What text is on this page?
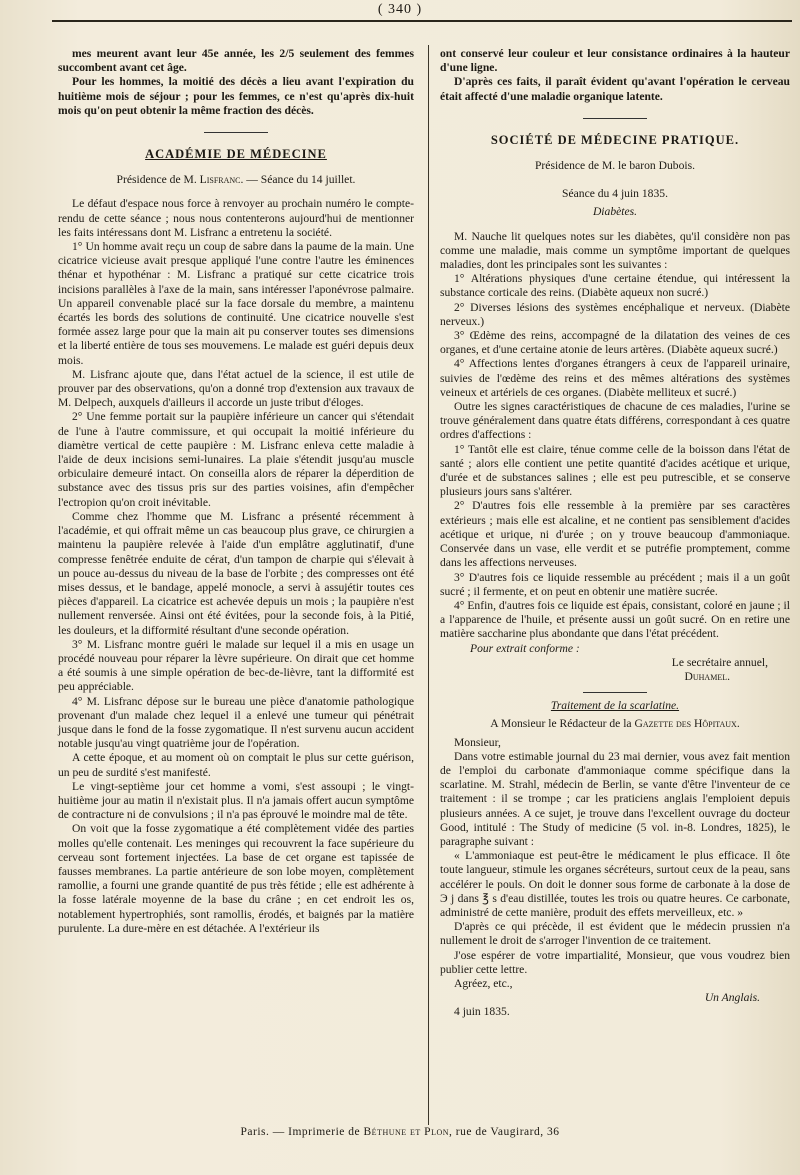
( 340 )

mes meurent avant leur 45e année, les 2/5 seulement des femmes succombent avant cet âge.

Pour les hommes, la moitié des décès a lieu avant l'expiration du huitième mois de séjour ; pour les femmes, ce n'est qu'après dix-huit mois qu'on peut obtenir la même fraction des décès.

ACADÉMIE DE MÉDECINE

Présidence de M. Lisfranc. — Séance du 14 juillet.

Le défaut d'espace nous force à renvoyer au prochain numéro le compte-rendu de cette séance ; nous nous contenterons aujourd'hui de mentionner les faits intéressans dont M. Lisfranc a entretenu la société.

1° Un homme avait reçu un coup de sabre dans la paume de la main. Une cicatrice vicieuse avait presque appliqué l'une contre l'autre les éminences thénar et hypothénar : M. Lisfranc a pratiqué sur cette cicatrice trois incisions parallèles à l'axe de la main, sans intéresser l'aponévrose palmaire. Un appareil convenable placé sur la face dorsale du membre, a maintenu écartés les bords des solutions de continuité. Une cicatrice nouvelle s'est formée assez large pour que la main ait pu conserver toutes ses dimensions et la liberté entière de tous ses mouvemens. Le malade est guéri depuis deux mois.

M. Lisfranc ajoute que, dans l'état actuel de la science, il est utile de prouver par des observations, qu'on a donné trop d'extension aux travaux de M. Delpech, auxquels d'ailleurs il accorde un juste tribut d'éloges.

2° Une femme portait sur la paupière inférieure un cancer qui s'étendait de l'une à l'autre commissure, et qui occupait la moitié inférieure du diamètre vertical de cette paupière : M. Lisfranc enleva cette maladie à l'aide de deux incisions semi-lunaires. La plaie s'étendit jusqu'au muscle orbiculaire demeuré intact. On conseilla alors de réparer la déperdition de substance avec des tissus pris sur des parties voisines, afin d'empêcher l'ectropion qu'on croit inévitable.

Comme chez l'homme que M. Lisfranc a présenté récemment à l'académie, et qui offrait même un cas beaucoup plus grave, ce chirurgien a maintenu la paupière relevée à l'aide d'un emplâtre agglutinatif, d'une compresse fenêtrée enduite de cérat, d'un tampon de charpie qui s'élevait à un pouce au-dessus du niveau de la base de l'orbite ; des compresses ont été mises dessus, et le bandage, appelé monocle, a servi à assujétir toutes ces pièces d'appareil. La cicatrice est achevée depuis un mois ; la paupière n'est nullement renversée. Ainsi ont été évitées, pour la seconde fois, à la Pitié, les douleurs, et la difformité résultant d'une seconde opération.

3° M. Lisfranc montre guéri le malade sur lequel il a mis en usage un procédé nouveau pour réparer la lèvre supérieure. On dirait que cet homme a été soumis à une simple opération de bec-de-lièvre, tant la difformité est peu appréciable.

4° M. Lisfranc dépose sur le bureau une pièce d'anatomie pathologique provenant d'un malade chez lequel il a enlevé une tumeur qui pénétrait jusque dans le fond de la fosse zygomatique. Il n'est survenu aucun accident notable jusqu'au vingt quatrième jour de l'opération.

A cette époque, et au moment où on comptait le plus sur cette guérison, un peu de surdité s'est manifesté.

Le vingt-septième jour cet homme a vomi, s'est assoupi ; le vingt-huitième jour au matin il n'existait plus. Il n'a jamais offert aucun symptôme de contracture ni de convulsions ; il n'a pas éprouvé le moindre mal de tête.

On voit que la fosse zygomatique a été complètement vidée des parties molles qu'elle contenait. Les meninges qui recouvrent la face supérieure du cerveau sont fortement injectées. La base de cet organe est tapissée de fausses membranes. La partie antérieure de son lobe moyen, complètement ramollie, a fourni une grande quantité de pus très fétide ; elle est adhérente à la fosse latérale moyenne de la base du crâne ; en cet endroit les os, notablement hypertrophiés, sont ramollis, érodés, et baignés par la matière purulente. La dure-mère en est détachée. A l'extérieur ils

ont conservé leur couleur et leur consistance ordinaires à la hauteur d'une ligne.

D'après ces faits, il paraît évident qu'avant l'opération le cerveau était affecté d'une maladie organique latente.

SOCIÉTÉ DE MÉDECINE PRATIQUE.

Présidence de M. le baron Dubois.

Séance du 4 juin 1835.

Diabètes.

M. Nauche lit quelques notes sur les diabètes, qu'il considère non pas comme une maladie, mais comme un symptôme important de quelques maladies, dont les principales sont les suivantes :

1° Altérations physiques d'une certaine étendue, qui intéressent la substance corticale des reins. (Diabète aqueux non sucré.)

2° Diverses lésions des systèmes encéphalique et nerveux. (Diabète nerveux.)

3° Œdème des reins, accompagné de la dilatation des veines de ces organes, et d'une certaine atonie de leurs artères. (Diabète aqueux sucré.)

4° Affections lentes d'organes étrangers à ceux de l'appareil urinaire, suivies de l'œdème des reins et des mêmes altérations des systèmes veineux et artériels de ces organes. (Diabète melliteux et sucré.)

Outre les signes caractéristiques de chacune de ces maladies, l'urine se trouve généralement dans quatre états différens, correspondant à ces quatre ordres d'affections :

1° Tantôt elle est claire, ténue comme celle de la boisson dans l'état de santé ; alors elle contient une petite quantité d'acides acétique et urique, d'urée et de substances salines ; elle est peu putrescible, et se conserve plusieurs jours sans s'altérer.

2° D'autres fois elle ressemble à la première par ses caractères extérieurs ; mais elle est alcaline, et ne contient pas sensiblement d'acides acétique et urique, ni d'urée ; on y trouve beaucoup d'ammoniaque. Conservée dans un vase, elle verdit et se putréfie promptement, comme dans les affections nerveuses.

3° D'autres fois ce liquide ressemble au précédent ; mais il a un goût sucré ; il fermente, et on peut en obtenir une matière sucrée.

4° Enfin, d'autres fois ce liquide est épais, consistant, coloré en jaune ; il a l'apparence de l'huile, et présente aussi un goût sucré. On en retire une matière saccharine plus abondante que dans l'état précédent.

Pour extrait conforme :

Le secrétaire annuel,

Duhamel.

Traitement de la scarlatine.

A Monsieur le Rédacteur de la Gazette des Hôpitaux.

Monsieur,

Dans votre estimable journal du 23 mai dernier, vous avez fait mention de l'emploi du carbonate d'ammoniaque comme spécifique dans la scarlatine. M. Strahl, médecin de Berlin, se vante d'être l'inventeur de ce traitement : il se trompe ; car les praticiens anglais l'emploient depuis plusieurs années. A ce sujet, je trouve dans l'excellent ouvrage du docteur Good, intitulé : The Study of medicine (5 vol. in-8. Londres, 1825), le paragraphe suivant :

« L'ammoniaque est peut-être le médicament le plus efficace. Il ôte toute langueur, stimule les organes sécréteurs, surtout ceux de la peau, sans accélérer le pouls. On doit le donner sous forme de carbonate à la dose de Э j dans ℥ s d'eau distillée, toutes les trois ou quatre heures. Ce carbonate, administré de cette manière, produit des effets merveilleux, etc. »

D'après ce qui précède, il est évident que le médecin prussien n'a nullement le droit de s'arroger l'invention de ce traitement.

J'ose espérer de votre impartialité, Monsieur, que vous voudrez bien publier cette lettre.

Agréez, etc.,

Un Anglais.

4 juin 1835.

Paris. — Imprimerie de Béthune et Plon, rue de Vaugirard, 36
